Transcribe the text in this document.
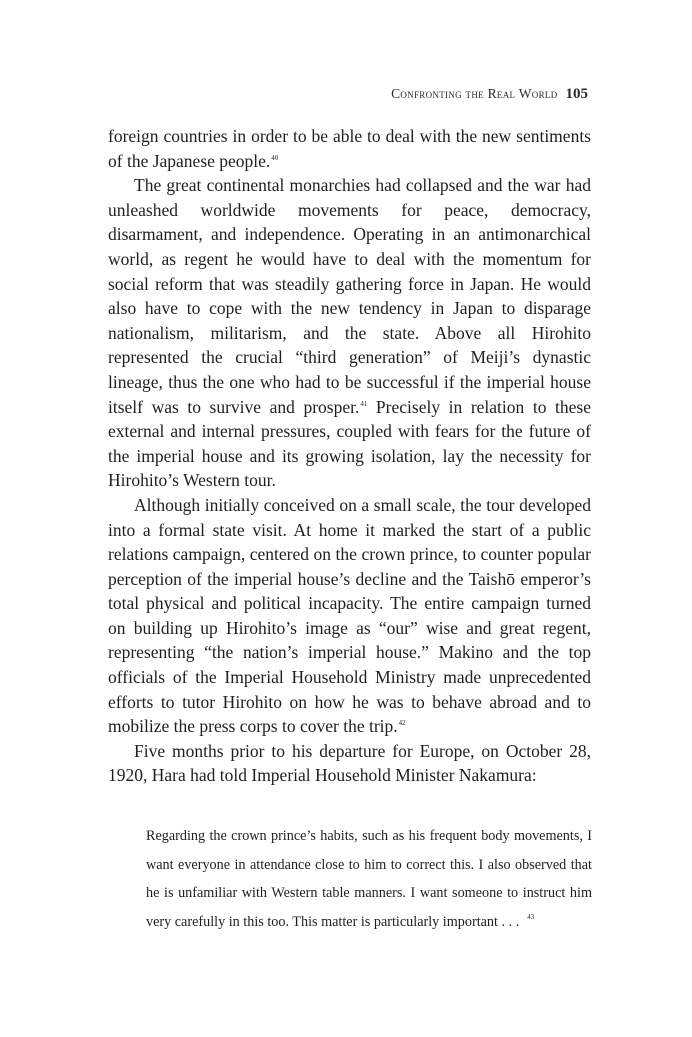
Confronting the Real World 105

foreign countries in order to be able to deal with the new sentiments of the Japanese people.$^{40}$

The great continental monarchies had collapsed and the war had unleashed worldwide movements for peace, democracy, disarmament, and independence. Operating in an antimonarchical world, as regent he would have to deal with the momentum for social reform that was steadily gathering force in Japan. He would also have to cope with the new tendency in Japan to disparage nationalism, militarism, and the state. Above all Hirohito represented the crucial “third generation” of Meiji’s dynastic lineage, thus the one who had to be successful if the imperial house itself was to survive and prosper.$^{41}$ Precisely in relation to these external and internal pressures, coupled with fears for the future of the imperial house and its growing isolation, lay the necessity for Hirohito’s Western tour.

Although initially conceived on a small scale, the tour developed into a formal state visit. At home it marked the start of a public relations campaign, centered on the crown prince, to counter popular perception of the imperial house’s decline and the Taishō emperor’s total physical and political incapacity. The entire campaign turned on building up Hirohito’s image as “our” wise and great regent, representing “the nation’s imperial house.” Makino and the top officials of the Imperial Household Ministry made unprecedented efforts to tutor Hirohito on how he was to behave abroad and to mobilize the press corps to cover the trip.$^{42}$

Five months prior to his departure for Europe, on October 28, 1920, Hara had told Imperial Household Minister Nakamura:

Regarding the crown prince’s habits, such as his frequent body movements, I want everyone in attendance close to him to correct this. I also observed that he is unfamiliar with Western table manners. I want someone to instruct him very carefully in this too. This matter is particularly important . . . $^{43}$
